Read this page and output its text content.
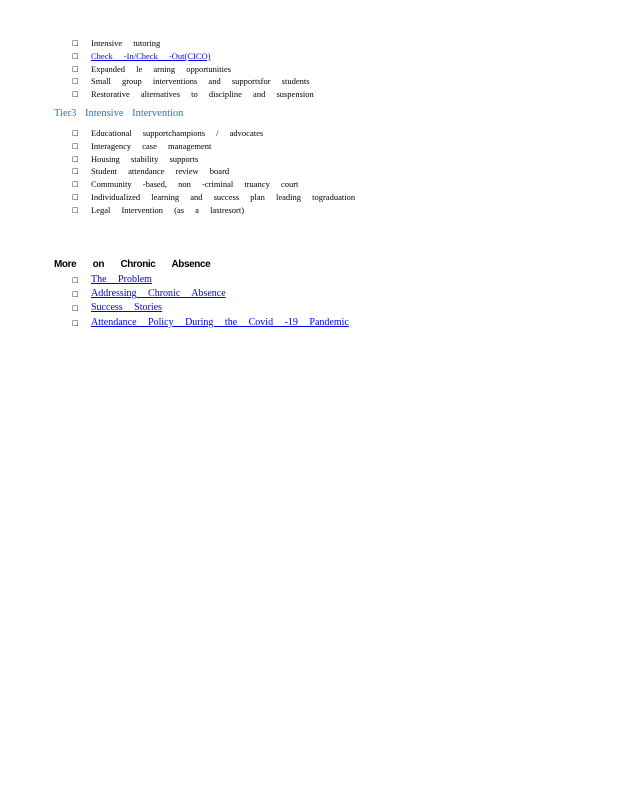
□ Intensive tutoring
□ Check -In/Check -Out(CICO)
□ Expanded le arning opportunities
□ Small group interventions and supportsfor students
□ Restorative alternatives to discipline and suspension
Tier3 Intensive Intervention
□ Educational supportchampions / advocates
□ Interagency case management
□ Housing stability supports
□ Student attendance review board
□ Community -based, non -criminal truancy court
□ Individualized learning and success plan leading tograduation
□ Legal Intervention (as a lastresort)
More on Chronic Absence
□ The Problem
□ Addressing Chronic Absence
□ Success Stories
□ Attendance Policy During the Covid -19 Pandemic
